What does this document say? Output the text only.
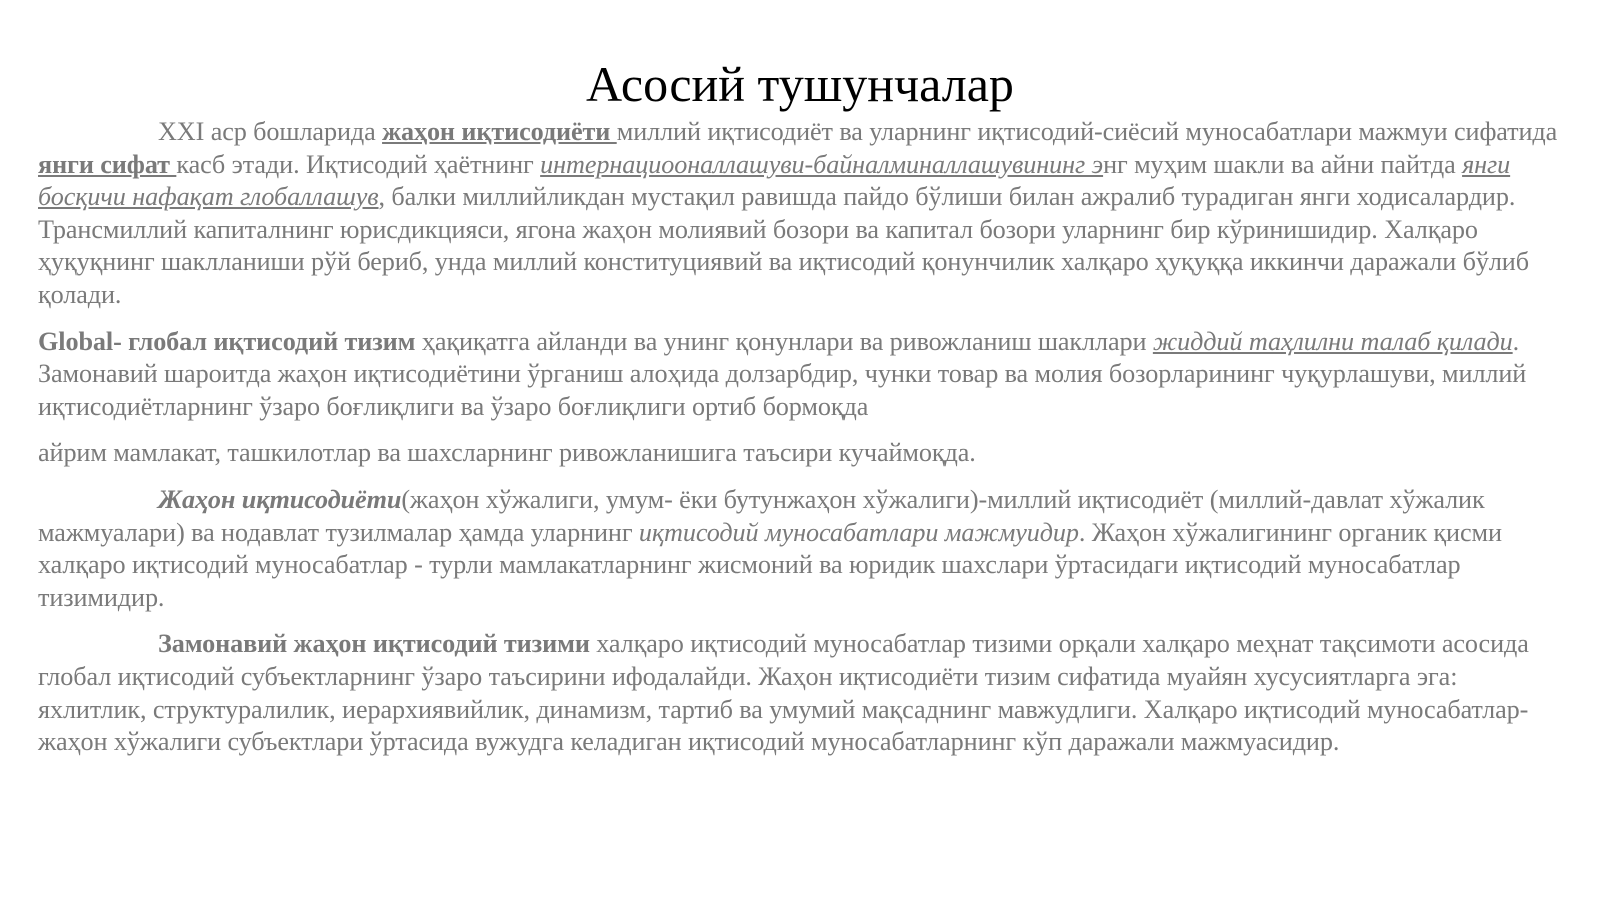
Асосий тушунчалар

XXI аср бошларида жаҳон иқтисодиёти миллий иқтисодиёт ва уларнинг иқтисодий-сиёсий муносабатлари мажмуи сифатида янги сифат касб этади. Иқтисодий ҳаётнинг интернациооналлашуви-байналминаллашувининг энг муҳим шакли ва айни пайтда янги босқичи нафақат глобаллашув, балки миллийликдан мустақил равишда пайдо бўлиши билан ажралиб турадиган янги ходисалардир. Трансмиллий капиталнинг юрисдикцияси, ягона жаҳон молиявий бозори ва капитал бозори уларнинг бир кўринишидир. Халқаро ҳуқуқнинг шаклланиши рўй бериб, унда миллий конституциявий ва иқтисодий қонунчилик халқаро ҳуқуққа иккинчи даражали бўлиб қолади.

Global- глобал иқтисодий тизим ҳақиқатга айланди ва унинг қонунлари ва ривожланиш шакллари жиддий таҳлилни талаб қилади. Замонавий шароитда жаҳон иқтисодиётини ўрганиш алоҳида долзарбдир, чунки товар ва молия бозорларининг чуқурлашуви, миллий иқтисодиётларнинг ўзаро боғлиқлиги ва ўзаро боғлиқлиги ортиб бормоқда

айрим мамлакат, ташкилотлар ва шахсларнинг ривожланишига таъсири кучаймоқда.

Жаҳон иқтисодиёти(жаҳон хўжалиги, умум- ёки бутунжаҳон хўжалиги)-миллий иқтисодиёт (миллий-давлат хўжалик мажмуалари) ва нодавлат тузилмалар ҳамда уларнинг иқтисодий муносабатлари мажмуидир. Жаҳон хўжалигининг органик қисми халқаро иқтисодий муносабатлар - турли мамлакатларнинг жисмоний ва юридик шахслари ўртасидаги иқтисодий муносабатлар тизимидир.

Замонавий жаҳон иқтисодий тизими халқаро иқтисодий муносабатлар тизими орқали халқаро меҳнат тақсимоти асосида глобал иқтисодий субъектларнинг ўзаро таъсирини ифодалайди. Жаҳон иқтисодиёти тизим сифатида муайян хусусиятларга эга: яхлитлик, структуралилик, иерархиявийлик, динамизм, тартиб ва умумий мақсаднинг мавжудлиги. Халқаро иқтисодий муносабатлар-жаҳон хўжалиги субъектлари ўртасида вужудга келадиган иқтисодий муносабатларнинг кўп даражали мажмуасидир.
